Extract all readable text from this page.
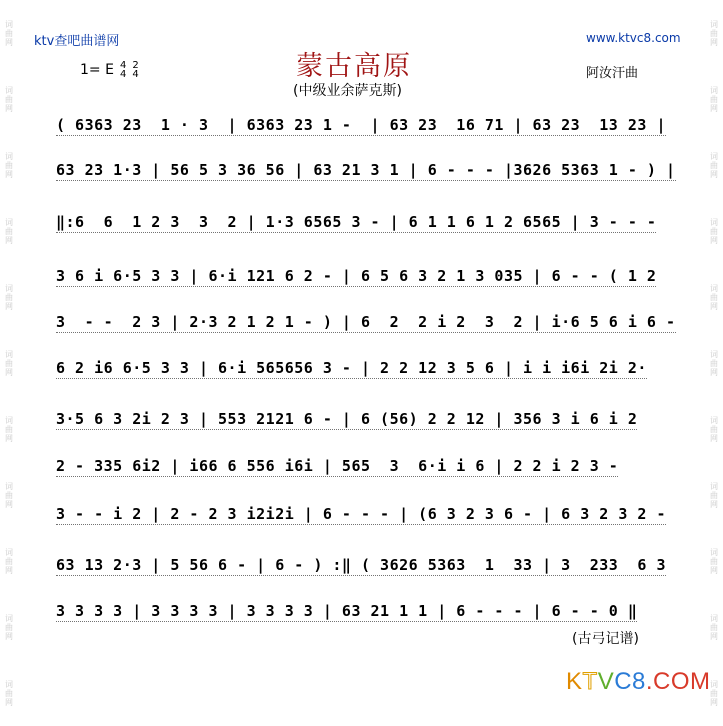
词
曲
网
词
曲
网
词
曲
网
词
曲
网
词
曲
网
词
曲
网
词
曲
网
词
曲
网
词
曲
网
词
曲
网
词
曲
网
词
曲
网
词
曲
网
词
曲
网
词
曲
网
词
曲
网
词
曲
网
词
曲
网
词
曲
网
词
曲
网
词
曲
网
词
曲
网
ktv查吧曲谱网	www.ktvc8.com
蒙古高原
(中级业余萨克斯)
1= E 4
4
2
4	阿汝汗曲
( 6363 23  1 · 3  | 6363 23 1 -  | 63 23  16 71 | 63 23  13 23 |
63 23 1·3 | 56 5 3 36 56 | 63 21 3 1 | 6 - - - |3626 5363 1 - ) |
‖:6  6  1 2 3  3  2 | 1·3 6565 3 - | 6 1 1 6 1 2 6565 | 3 - - -
3 6 i 6·5 3 3 | 6·i 121 6 2 - | 6 5 6 3 2 1 3 035 | 6 - - ( 1 2
3  - -  2 3 | 2·3 2 1 2 1 - ) | 6  2  2 i 2  3  2 | i·6 5 6 i 6 -
6 2 i6 6·5 3 3 | 6·i 565656 3 - | 2 2 12 3 5 6 | i i i6i 2i 2·
3·5 6 3 2i 2 3 | 553 2121 6 - | 6 (56) 2 2 12 | 356 3 i 6 i 2
2 - 335 6i2 | i66 6 556 i6i | 565  3  6·i i 6 | 2 2 i 2 3 -
3 - - i 2 | 2 - 2 3 i2i2i | 6 - - - | (6 3 2 3 6 - | 6 3 2 3 2 -
63 13 2·3 | 5 56 6 - | 6 - ) :‖ ( 3626 5363  1  33 | 3  233  6 3
3 3 3 3 | 3 3 3 3 | 3 3 3 3 | 63 21 1 1 | 6 - - - | 6 - - 0 ‖
(古弓记谱)
KTVC8.COM
